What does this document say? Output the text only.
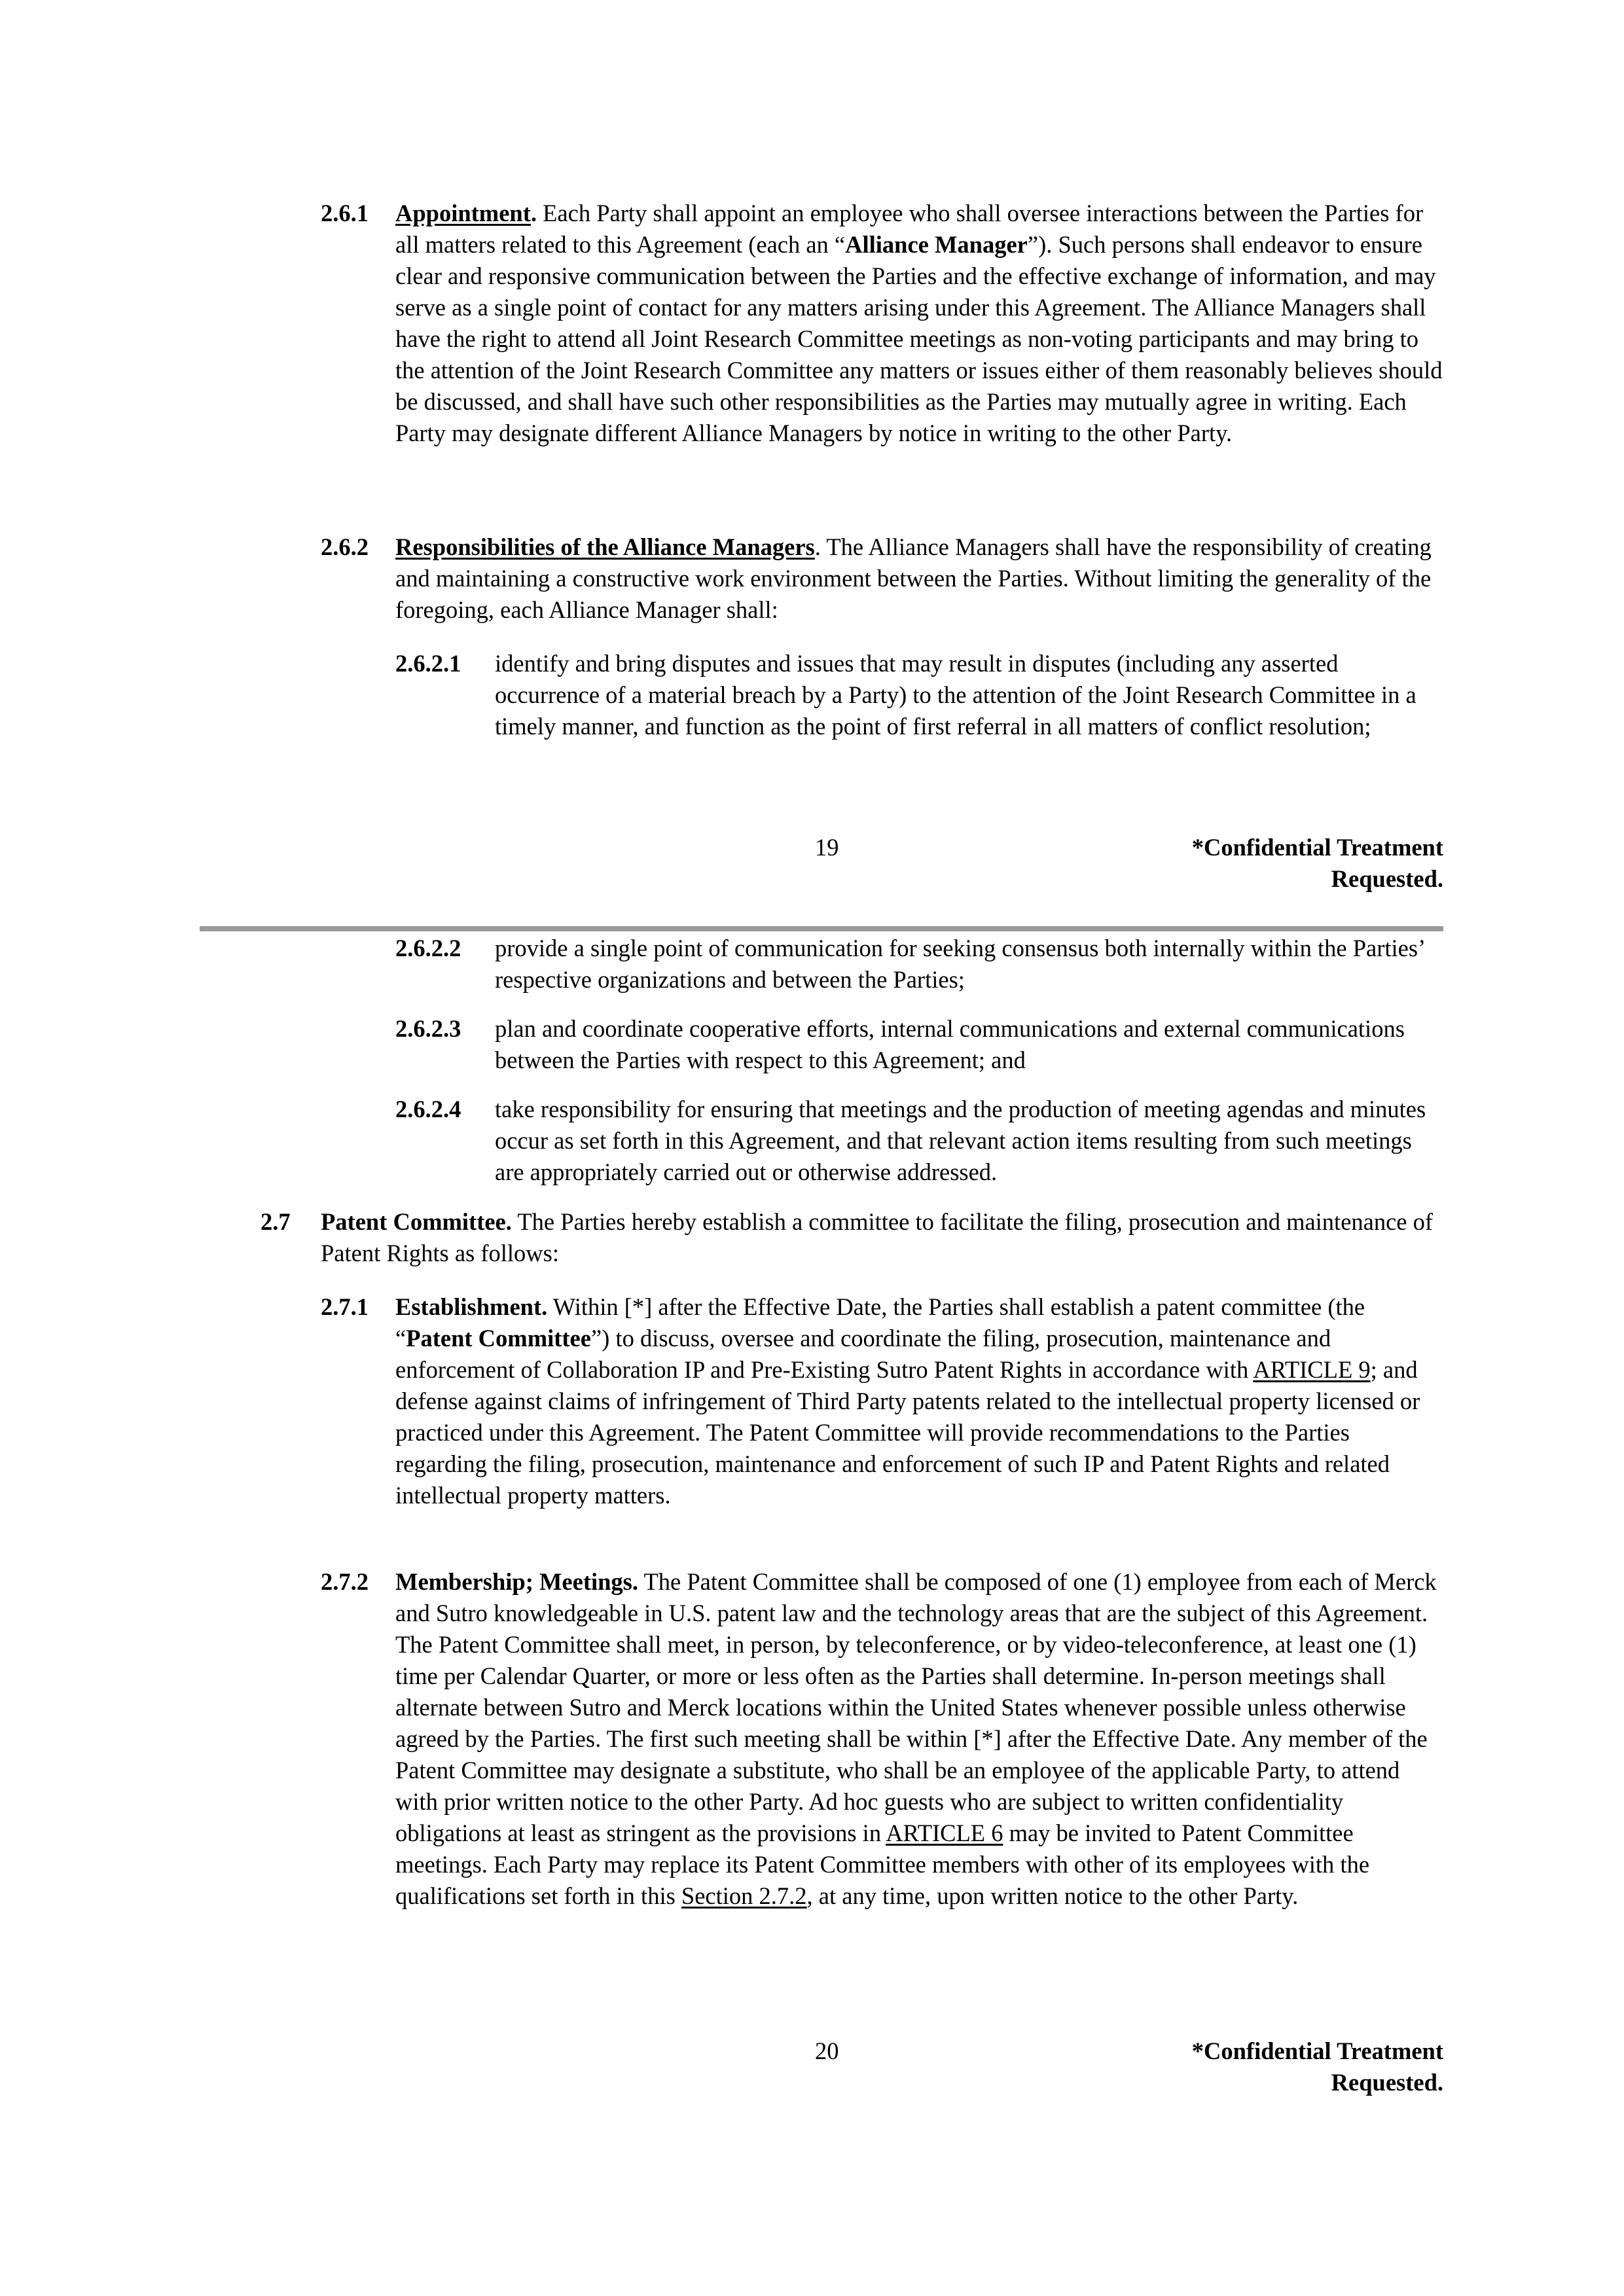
2.6.1 Appointment. Each Party shall appoint an employee who shall oversee interactions between the Parties for all matters related to this Agreement (each an “Alliance Manager”). Such persons shall endeavor to ensure clear and responsive communication between the Parties and the effective exchange of information, and may serve as a single point of contact for any matters arising under this Agreement. The Alliance Managers shall have the right to attend all Joint Research Committee meetings as non-voting participants and may bring to the attention of the Joint Research Committee any matters or issues either of them reasonably believes should be discussed, and shall have such other responsibilities as the Parties may mutually agree in writing. Each Party may designate different Alliance Managers by notice in writing to the other Party.
2.6.2 Responsibilities of the Alliance Managers. The Alliance Managers shall have the responsibility of creating and maintaining a constructive work environment between the Parties. Without limiting the generality of the foregoing, each Alliance Manager shall:
2.6.2.1 identify and bring disputes and issues that may result in disputes (including any asserted occurrence of a material breach by a Party) to the attention of the Joint Research Committee in a timely manner, and function as the point of first referral in all matters of conflict resolution;
19	*Confidential Treatment
Requested.
2.6.2.2 provide a single point of communication for seeking consensus both internally within the Parties’ respective organizations and between the Parties;
2.6.2.3 plan and coordinate cooperative efforts, internal communications and external communications between the Parties with respect to this Agreement; and
2.6.2.4 take responsibility for ensuring that meetings and the production of meeting agendas and minutes occur as set forth in this Agreement, and that relevant action items resulting from such meetings are appropriately carried out or otherwise addressed.
2.7 Patent Committee. The Parties hereby establish a committee to facilitate the filing, prosecution and maintenance of Patent Rights as follows:
2.7.1 Establishment. Within [*] after the Effective Date, the Parties shall establish a patent committee (the “Patent Committee”) to discuss, oversee and coordinate the filing, prosecution, maintenance and enforcement of Collaboration IP and Pre-Existing Sutro Patent Rights in accordance with ARTICLE 9; and defense against claims of infringement of Third Party patents related to the intellectual property licensed or practiced under this Agreement. The Patent Committee will provide recommendations to the Parties regarding the filing, prosecution, maintenance and enforcement of such IP and Patent Rights and related intellectual property matters.
2.7.2 Membership; Meetings. The Patent Committee shall be composed of one (1) employee from each of Merck and Sutro knowledgeable in U.S. patent law and the technology areas that are the subject of this Agreement. The Patent Committee shall meet, in person, by teleconference, or by video-teleconference, at least one (1) time per Calendar Quarter, or more or less often as the Parties shall determine. In-person meetings shall alternate between Sutro and Merck locations within the United States whenever possible unless otherwise agreed by the Parties. The first such meeting shall be within [*] after the Effective Date. Any member of the Patent Committee may designate a substitute, who shall be an employee of the applicable Party, to attend with prior written notice to the other Party. Ad hoc guests who are subject to written confidentiality obligations at least as stringent as the provisions in ARTICLE 6 may be invited to Patent Committee meetings. Each Party may replace its Patent Committee members with other of its employees with the qualifications set forth in this Section 2.7.2, at any time, upon written notice to the other Party.
20	*Confidential Treatment
Requested.
